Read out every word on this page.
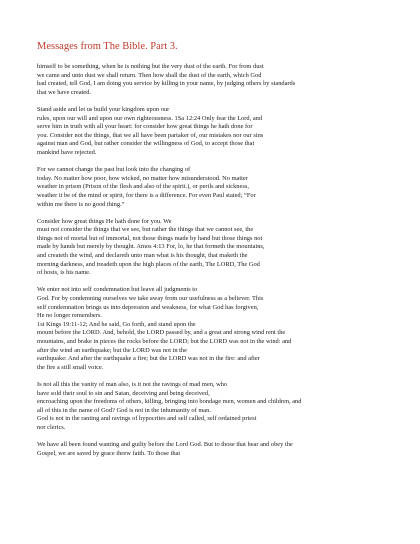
Messages from The Bible. Part 3.
himself to be something, when he is nothing but the very dust of the earth. For from dust
we came and unto dust we shall return. Then how shall the dust of the earth, which God
had created, tell God, I am doing you service by killing in your name, by judging others by standards
that we have created.
Stand aside and let us build your kingdom upon our
rules, upon our will and upon our own righteousness. 1Sa 12:24 Only fear the Lord, and
serve him in truth with all your heart: for consider how great things he hath done for
you. Consider not the things, that we all have been partaker of, our mistakes nor our sins
against man and God, but rather consider the willingness of God, to accept those that
mankind have rejected.
For we cannot change the past but look into the changing of
today. No matter how poor, how wicked, no matter how misunderstood. No matter
weather in prison (Prison of the flesh and also of the spirit.), or perils and sickness,
weather it be of the mind or spirit, for there is a difference. For even Paul stated; “For
within me there is no good thing.”
Consider how great things He hath done for you. We
must not consider the things that we see, but rather the things that we cannot see, the
things not of mortal but of immortal, not those things made by hand but those things not
made by hands but merely by thought. Amos 4:13 For, lo, he that formeth the mountains,
and createth the wind, and declareth unto man what is his thought, that maketh the
morning darkness, and treadeth upon the high places of the earth, The LORD, The God
of hosts, is his name.
We enter not into self condemnation but leave all judgments to
God. For by condemning ourselves we take away from our usefulness as a believer. This
self condemnation brings us into depression and weakness, for what God has forgiven,
He no longer remembers.
1st Kings 19:11-12; And he said, Go forth, and stand upon the
mount before the LORD. And, behold, the LORD passed by, and a great and strong wind rent the
mountains, and brake in pieces the rocks before the LORD; but the LORD was not in the wind: and
after the wind an earthquake; but the LORD was not in the
earthquake: And after the earthquake a fire; but the LORD was not in the fire: and after
the fire a still small voice.
Is not all this the vanity of man also, is it not the ravings of mad men, who
have sold their soul to sin and Satan, deceiving and being deceived,
encroaching upon the freedoms of others, killing, bringing into bondage men, women and children, and
all of this in the name of God? God is not in the inhumanity of man.
God is not in the ranting and ravings of hypocrites and self called, self ordained priest
nor clerics.
We have all been found wanting and guilty before the Lord God. But to those that hear and obey the
Gospel, we are saved by grace threw faith. To those that
